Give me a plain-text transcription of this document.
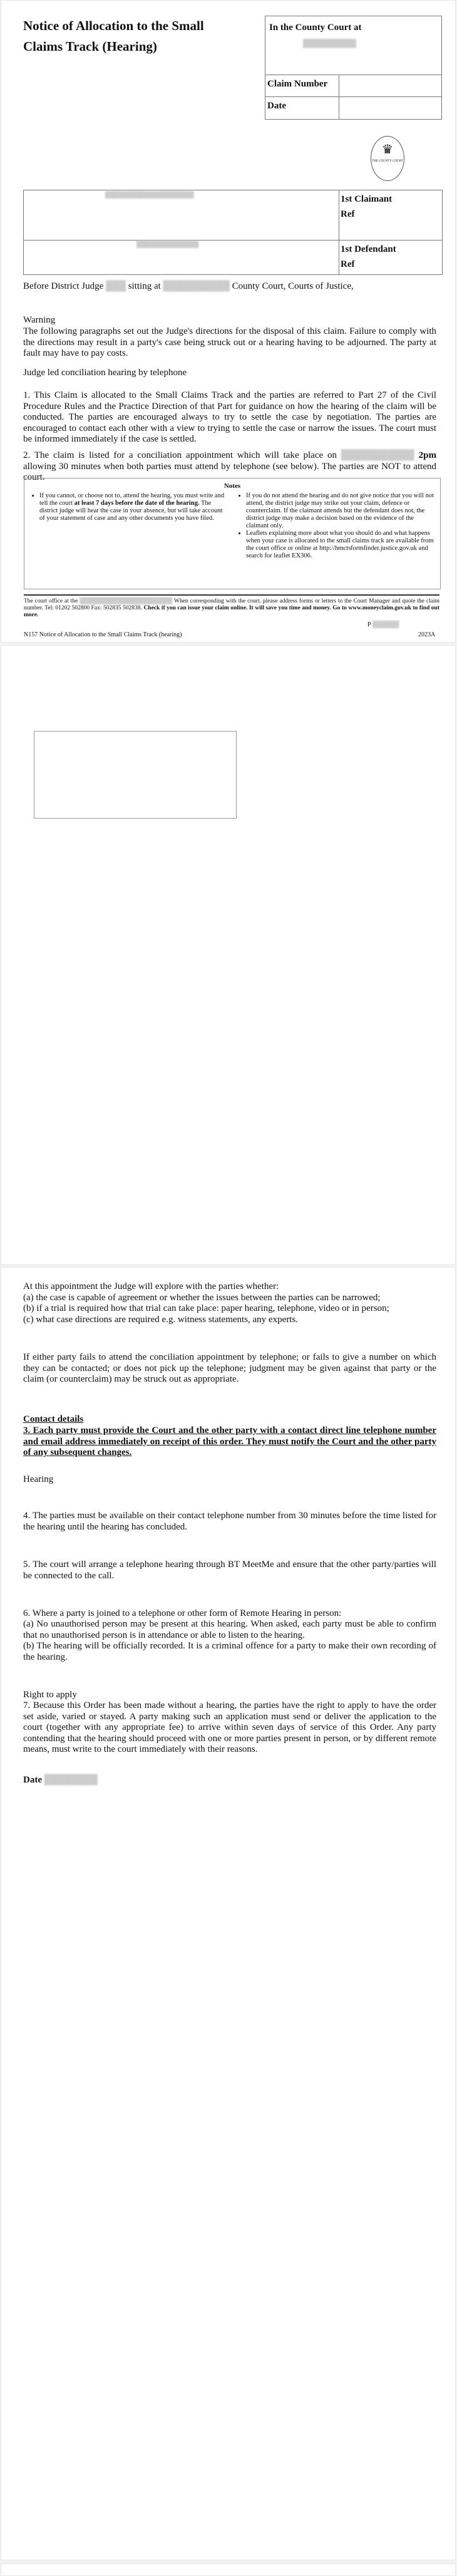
Notice of Allocation to the Small Claims Track (Hearing)
In the County Court at
██████████
Claim Number
Date
♛
THE COUNTY COURT
████████████████████
██████████████
1st Claimant
Ref
1st Defendant
Ref
Before District Judge ███ sitting at ██████████ County Court, Courts of Justice,
Warning
The following paragraphs set out the Judge's directions for the disposal of this claim. Failure to comply with the directions may result in a party's case being struck out or a hearing having to be adjourned. The party at fault may have to pay costs.
Judge led conciliation hearing by telephone
1. This Claim is allocated to the Small Claims Track and the parties are referred to Part 27 of the Civil Procedure Rules and the Practice Direction of that Part for guidance on how the hearing of the claim will be conducted. The parties are encouraged always to try to settle the case by negotiation. The parties are encouraged to contact each other with a view to trying to settle the case or narrow the issues. The court must be informed immediately if the case is settled.
2. The claim is listed for a conciliation appointment which will take place on ███████████ 2pm allowing 30 minutes when both parties must attend by telephone (see below). The parties are NOT to attend court.
Notes
• If you cannot, or choose not to, attend the hearing, you must write and tell the court at least 7 days before the date of the hearing. The district judge will hear the case in your absence, but will take account of your statement of case and any other documents you have filed.
• If you do not attend the hearing and do not give notice that you will not attend, the district judge may strike out your claim, defence or counterclaim. If the claimant attends but the defendant does not, the district judge may make a decision based on the evidence of the claimant only.
• Leaflets explaining more about what you should do and what happens when your case is allocated to the small claims track are available from the court office or online at http://hmctsformfinder.justice.gov.uk and search for leaflet EX306.
The court office at the ██████████████████████ When corresponding with the court, please address forms or letters to the Court Manager and quote the claim number. Tel: 01202 502800 Fax: 502835 502838. Check if you can issue your claim online. It will save you time and money. Go to www.moneyclaim.gov.uk to find out more.
P ██████
N157 Notice of Allocation to the Small Claims Track (hearing)	2023A
At this appointment the Judge will explore with the parties whether:
(a) the case is capable of agreement or whether the issues between the parties can be narrowed;
(b) if a trial is required how that trial can take place: paper hearing, telephone, video or in person;
(c) what case directions are required e.g. witness statements, any experts.
If either party fails to attend the conciliation appointment by telephone; or fails to give a number on which they can be contacted; or does not pick up the telephone; judgment may be given against that party or the claim (or counterclaim) may be struck out as appropriate.
Contact details
3. Each party must provide the Court and the other party with a contact direct line telephone number and email address immediately on receipt of this order. They must notify the Court and the other party of any subsequent changes.
Hearing
4. The parties must be available on their contact telephone number from 30 minutes before the time listed for the hearing until the hearing has concluded.
5. The court will arrange a telephone hearing through BT MeetMe and ensure that the other party/parties will be connected to the call.
6. Where a party is joined to a telephone or other form of Remote Hearing in person:
(a) No unauthorised person may be present at this hearing. When asked, each party must be able to confirm that no unauthorised person is in attendance or able to listen to the hearing.
(b) The hearing will be officially recorded. It is a criminal offence for a party to make their own recording of the hearing.
Right to apply
7. Because this Order has been made without a hearing, the parties have the right to apply to have the order set aside, varied or stayed. A party making such an application must send or deliver the application to the court (together with any appropriate fee) to arrive within seven days of service of this Order. Any party contending that the hearing should proceed with one or more parties present in person, or by different remote means, must write to the court immediately with their reasons.
Date ████████
